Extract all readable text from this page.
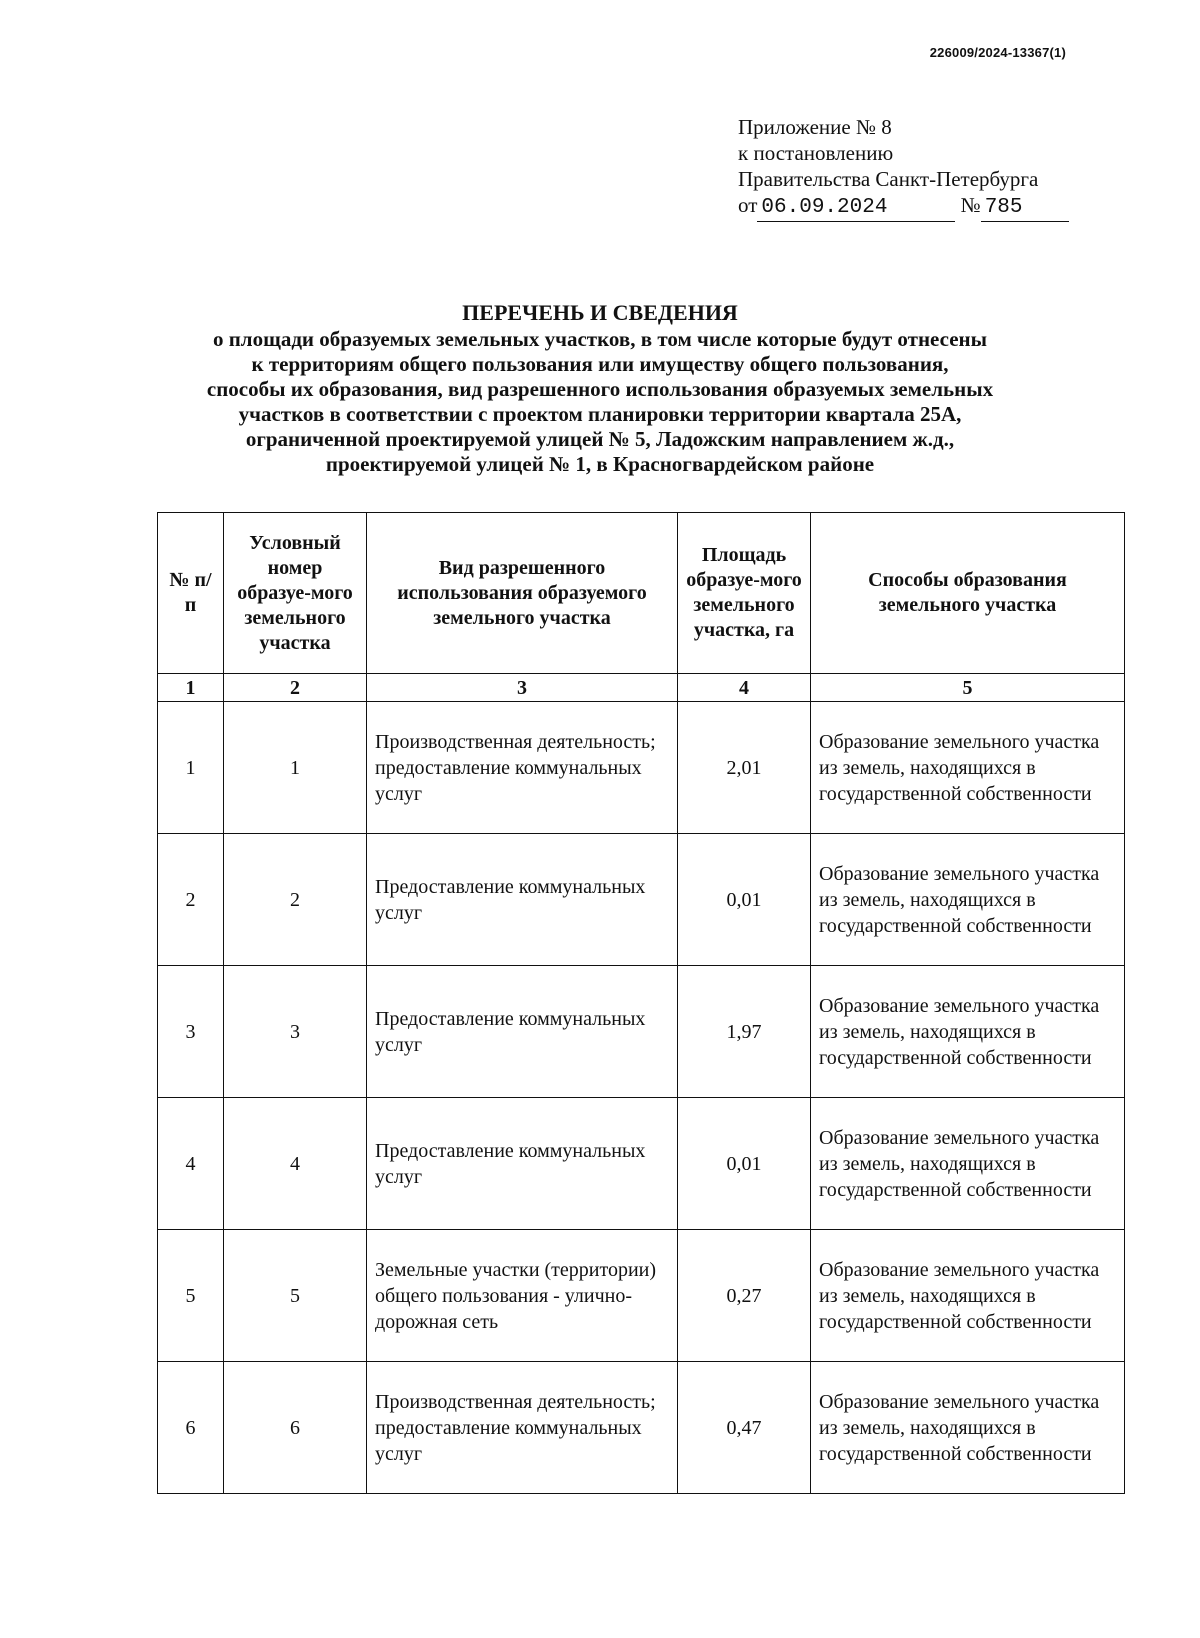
226009/2024-13367(1)
Приложение № 8
к постановлению
Правительства Санкт-Петербурга
от 06.09.2024	№ 785
ПЕРЕЧЕНЬ И СВЕДЕНИЯ
о площади образуемых земельных участков, в том числе которые будут отнесены
к территориям общего пользования или имуществу общего пользования,
способы их образования, вид разрешенного использования образуемых земельных
участков в соответствии с проектом планировки территории квартала 25А,
ограниченной проектируемой улицей № 5, Ладожским направлением ж.д.,
проектируемой улицей № 1, в Красногвардейском районе
№ п/п	Условный номер образуе-мого земельного участка	Вид разрешенного использования образуемого земельного участка	Площадь образуе-мого земельного участка, га	Способы образования земельного участка
1	2	3	4	5
1	1	Производственная деятельность; предоставление коммунальных услуг	2,01	Образование земельного участка из земель, находящихся в государственной собственности
2	2	Предоставление коммунальных услуг	0,01	Образование земельного участка из земель, находящихся в государственной собственности
3	3	Предоставление коммунальных услуг	1,97	Образование земельного участка из земель, находящихся в государственной собственности
4	4	Предоставление коммунальных услуг	0,01	Образование земельного участка из земель, находящихся в государственной собственности
5	5	Земельные участки (территории) общего пользования - улично-дорожная сеть	0,27	Образование земельного участка из земель, находящихся в государственной собственности
6	6	Производственная деятельность; предоставление коммунальных услуг	0,47	Образование земельного участка из земель, находящихся в государственной собственности
